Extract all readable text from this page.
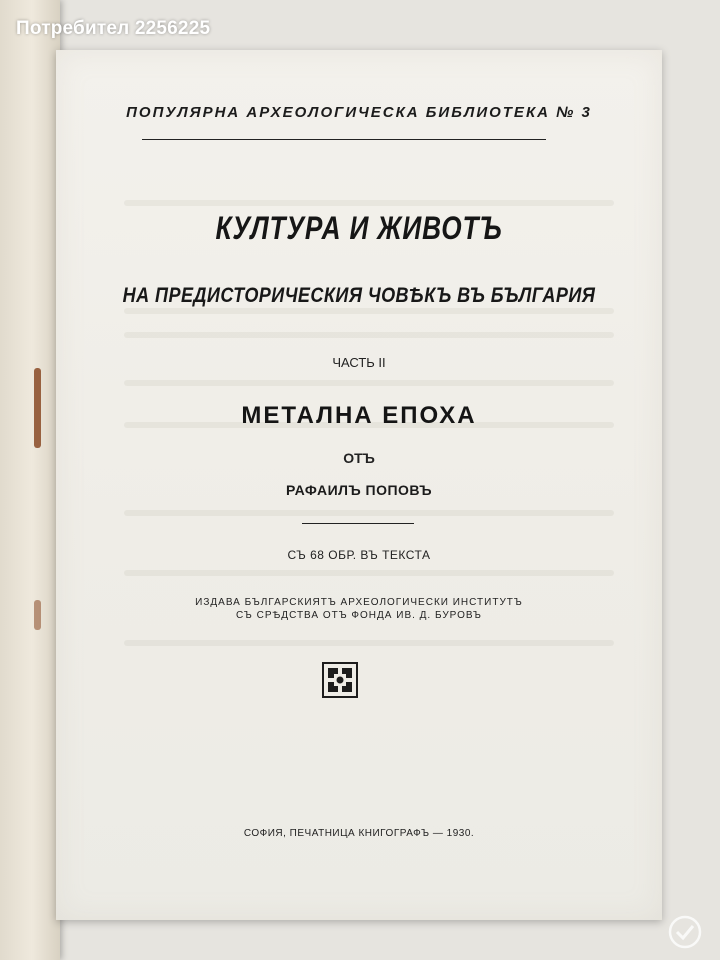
Потребител 2256225
ПОПУЛЯРНА АРХЕОЛОГИЧЕСКА БИБЛИОТЕКА № 3
КУЛТУРА И ЖИВОТЪ
НА ПРЕДИСТОРИЧЕСКИЯ ЧОВѢКЪ ВЪ БЪЛГАРИЯ
ЧАСТЬ II
МЕТАЛНА ЕПОХА
ОТЪ
РАФАИЛЪ ПОПОВЪ
СЪ 68 ОБР. ВЪ ТЕКСТА
ИЗДАВА БЪЛГАРСКИЯТЪ АРХЕОЛОГИЧЕСКИ ИНСТИТУТЪ
СЪ СРѢДСТВА ОТЪ ФОНДА ИВ. Д. БУРОВЪ
СОФИЯ, ПЕЧАТНИЦА КНИГОГРАФЪ — 1930.
